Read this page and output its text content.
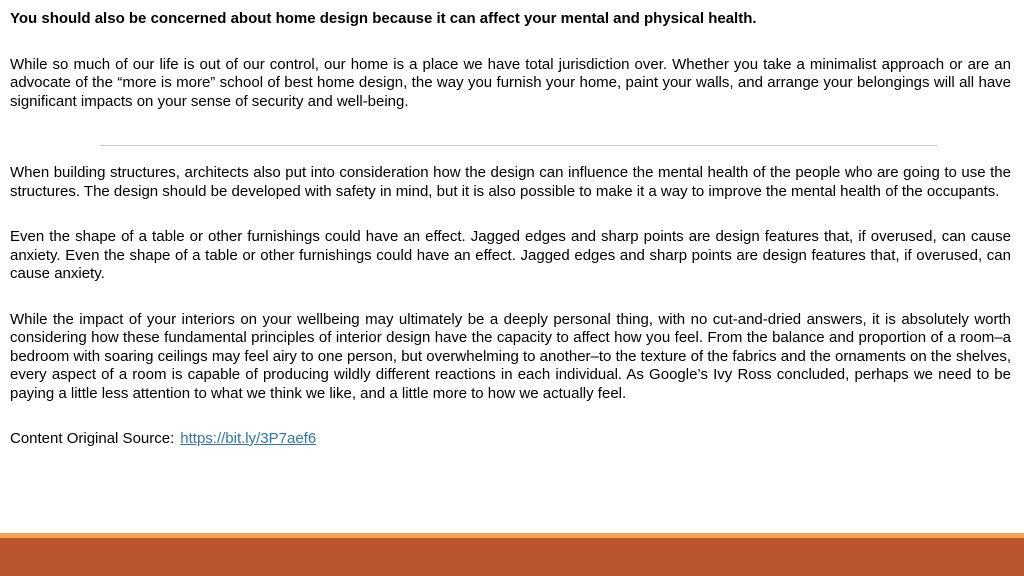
You should also be concerned about home design because it can affect your mental and physical health.

While so much of our life is out of our control, our home is a place we have total jurisdiction over. Whether you take a minimalist approach or are an advocate of the “more is more” school of best home design, the way you furnish your home, paint your walls, and arrange your belongings will all have significant impacts on your sense of security and well-being.

When building structures, architects also put into consideration how the design can influence the mental health of the people who are going to use the structures. The design should be developed with safety in mind, but it is also possible to make it a way to improve the mental health of the occupants.

Even the shape of a table or other furnishings could have an effect. Jagged edges and sharp points are design features that, if overused, can cause anxiety. Even the shape of a table or other furnishings could have an effect. Jagged edges and sharp points are design features that, if overused, can cause anxiety.

While the impact of your interiors on your wellbeing may ultimately be a deeply personal thing, with no cut-and-dried answers, it is absolutely worth considering how these fundamental principles of interior design have the capacity to affect how you feel. From the balance and proportion of a room–a bedroom with soaring ceilings may feel airy to one person, but overwhelming to another–to the texture of the fabrics and the ornaments on the shelves, every aspect of a room is capable of producing wildly different reactions in each individual. As Google’s Ivy Ross concluded, perhaps we need to be paying a little less attention to what we think we like, and a little more to how we actually feel.

Content Original Source: https://bit.ly/3P7aef6
